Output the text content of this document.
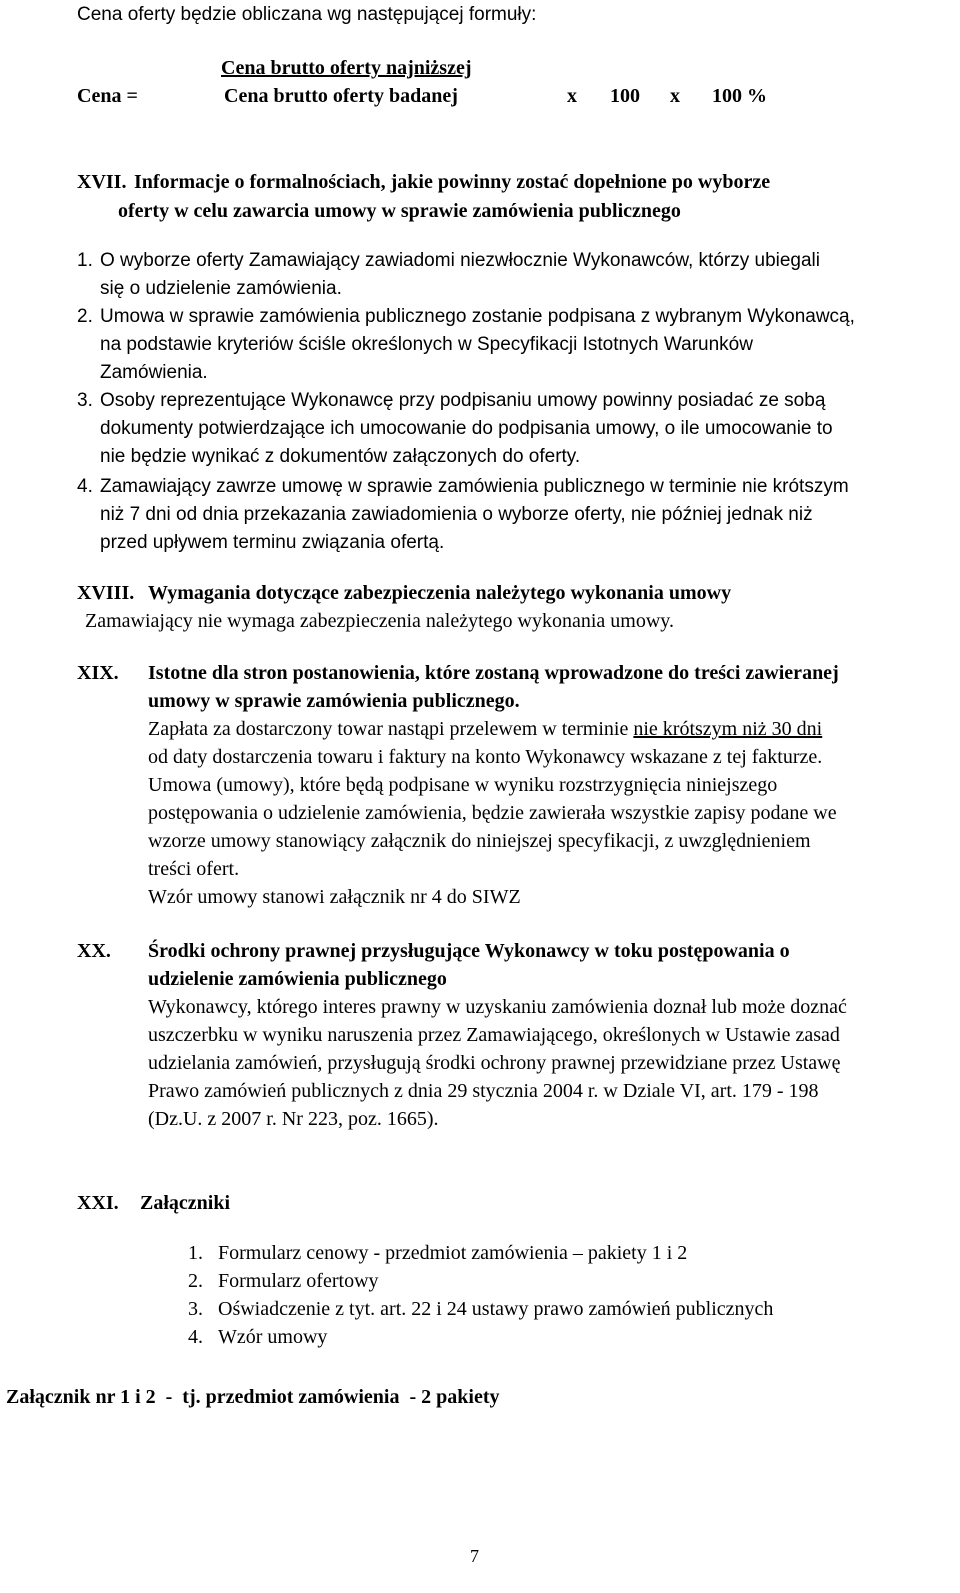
Cena oferty będzie obliczana wg następującej formuły:
Cena brutto oferty najniższej
Cena =	Cena brutto oferty badanej	x 100 x 100 %
XVII. Informacje o formalnościach, jakie powinny zostać dopełnione po wyborze
oferty w celu zawarcia umowy w sprawie zamówienia publicznego
1. O wyborze oferty Zamawiający zawiadomi niezwłocznie Wykonawców, którzy ubiegali
się o udzielenie zamówienia.
2. Umowa w sprawie zamówienia publicznego zostanie podpisana z wybranym Wykonawcą,
na podstawie kryteriów ściśle określonych w Specyfikacji Istotnych Warunków
Zamówienia.
3. Osoby reprezentujące Wykonawcę przy podpisaniu umowy powinny posiadać ze sobą
dokumenty potwierdzające ich umocowanie do podpisania umowy, o ile umocowanie to
nie będzie wynikać z dokumentów załączonych do oferty.
4. Zamawiający zawrze umowę w sprawie zamówienia publicznego w terminie nie krótszym
niż 7 dni od dnia przekazania zawiadomienia o wyborze oferty, nie później jednak niż
przed upływem terminu związania ofertą.
XVIII. Wymagania dotyczące zabezpieczenia należytego wykonania umowy
Zamawiający nie wymaga zabezpieczenia należytego wykonania umowy.
XIX. Istotne dla stron postanowienia, które zostaną wprowadzone do treści zawieranej
umowy w sprawie zamówienia publicznego.
Zapłata za dostarczony towar nastąpi przelewem w terminie nie krótszym niż 30 dni
od daty dostarczenia towaru i faktury na konto Wykonawcy wskazane z tej fakturze.
Umowa (umowy), które będą podpisane w wyniku rozstrzygnięcia niniejszego
postępowania o udzielenie zamówienia, będzie zawierała wszystkie zapisy podane we
wzorze umowy stanowiący załącznik do niniejszej specyfikacji, z uwzględnieniem
treści ofert.
Wzór umowy stanowi załącznik nr 4 do SIWZ
XX. Środki ochrony prawnej przysługujące Wykonawcy w toku postępowania o
udzielenie zamówienia publicznego
Wykonawcy, którego interes prawny w uzyskaniu zamówienia doznał lub może doznać
uszczerbku w wyniku naruszenia przez Zamawiającego, określonych w Ustawie zasad
udzielania zamówień, przysługują środki ochrony prawnej przewidziane przez Ustawę
Prawo zamówień publicznych z dnia 29 stycznia 2004 r. w Dziale VI, art. 179 - 198
(Dz.U. z 2007 r. Nr 223, poz. 1665).
XXI. Załączniki
1. Formularz cenowy - przedmiot zamówienia – pakiety 1 i 2
2. Formularz ofertowy
3. Oświadczenie z tyt. art. 22 i 24 ustawy prawo zamówień publicznych
4. Wzór umowy
Załącznik nr 1 i 2  -  tj. przedmiot zamówienia  - 2 pakiety
7
